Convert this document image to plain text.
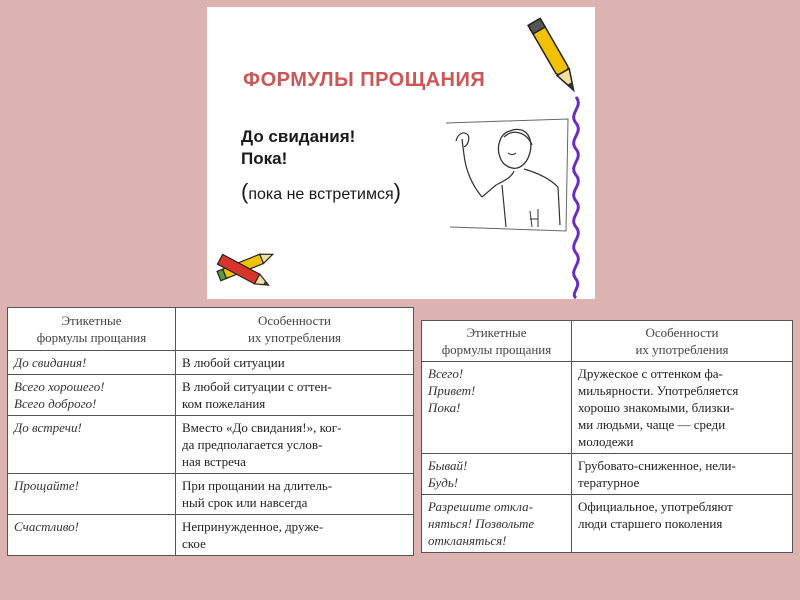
ФОРМУЛЫ ПРОЩАНИЯ
До свидания!
Пока!
(пока не встретимся)
Этикетные
формулы прощания	Особенности
их употребления

До свидания!	В любой ситуации

Всего хорошего!
Всего доброго!	В любой ситуации с оттен-
ком пожелания

До встречи!	Вместо «До свидания!», ког-
да предполагается услов-
ная встреча

Прощайте!	При прощании на длитель-
ный срок или навсегда

Счастливо!	Непринужденное, друже-
ское
Этикетные
формулы прощания	Особенности
их употребления

Всего!
Привет!
Пока!	Дружеское с оттенком фа-
мильярности. Употребляется
хорошо знакомыми, близки-
ми людьми, чаще — среди
молодежи

Бывай!
Будь!	Грубовато-сниженное, нели-
тературное

Разрешите откла-
няться! Позвольте
откланяться!	Официальное, употребляют
люди старшего поколения
